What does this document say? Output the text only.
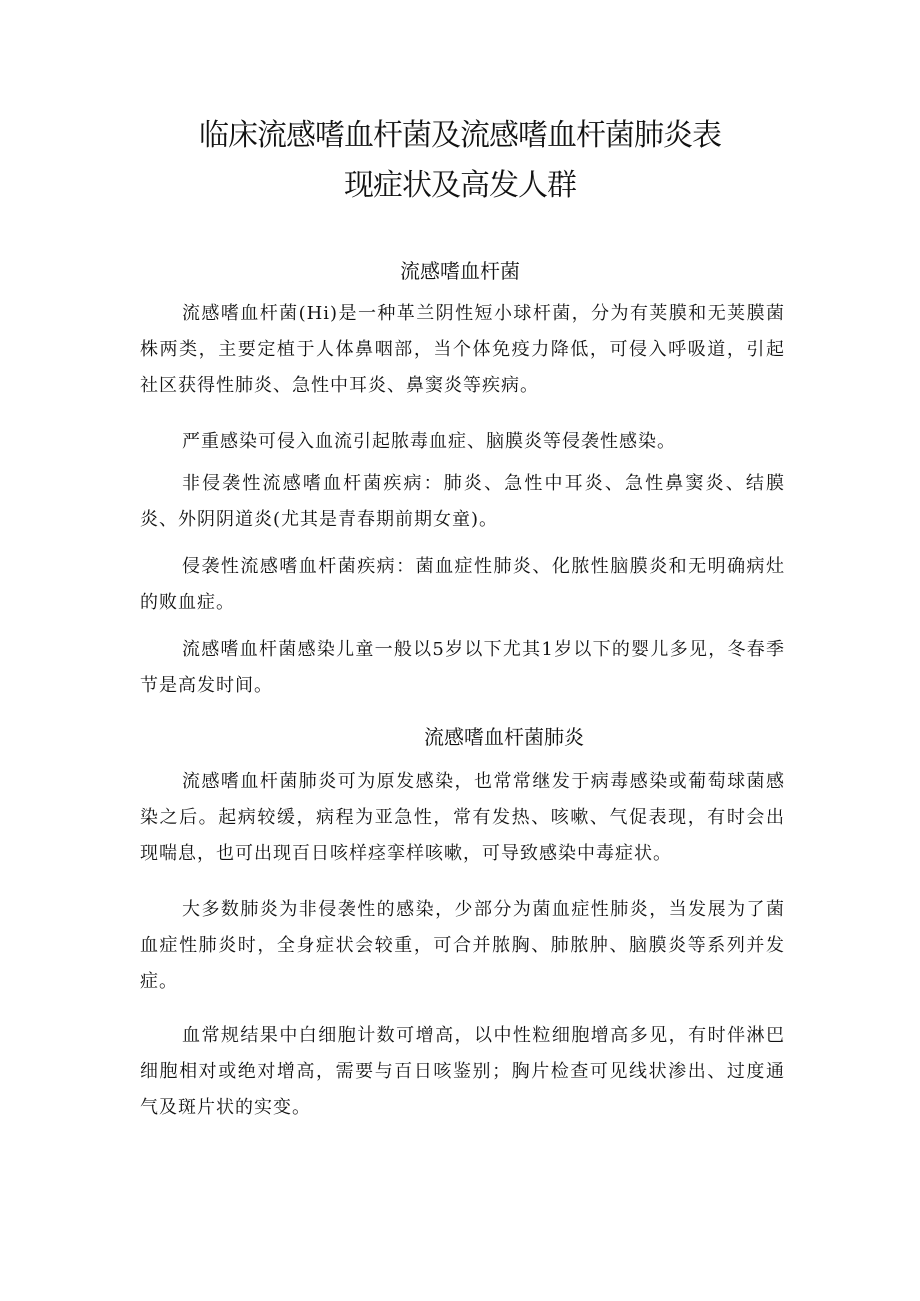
临床流感嗜血杆菌及流感嗜血杆菌肺炎表
现症状及高发人群
流感嗜血杆菌

流感嗜血杆菌(Hi)是一种革兰阴性短小球杆菌，分为有荚膜和无荚膜菌株两类，主要定植于人体鼻咽部，当个体免疫力降低，可侵入呼吸道，引起社区获得性肺炎、急性中耳炎、鼻窦炎等疾病。

严重感染可侵入血流引起脓毒血症、脑膜炎等侵袭性感染。

非侵袭性流感嗜血杆菌疾病：肺炎、急性中耳炎、急性鼻窦炎、结膜炎、外阴阴道炎(尤其是青春期前期女童)。

侵袭性流感嗜血杆菌疾病：菌血症性肺炎、化脓性脑膜炎和无明确病灶的败血症。

流感嗜血杆菌感染儿童一般以5岁以下尤其1岁以下的婴儿多见，冬春季节是高发时间。

流感嗜血杆菌肺炎

流感嗜血杆菌肺炎可为原发感染，也常常继发于病毒感染或葡萄球菌感染之后。起病较缓，病程为亚急性，常有发热、咳嗽、气促表现，有时会出现喘息，也可出现百日咳样痉挛样咳嗽，可导致感染中毒症状。

大多数肺炎为非侵袭性的感染，少部分为菌血症性肺炎，当发展为了菌血症性肺炎时，全身症状会较重，可合并脓胸、肺脓肿、脑膜炎等系列并发症。

血常规结果中白细胞计数可增高，以中性粒细胞增高多见，有时伴淋巴细胞相对或绝对增高，需要与百日咳鉴别；胸片检查可见线状渗出、过度通气及斑片状的实变。
